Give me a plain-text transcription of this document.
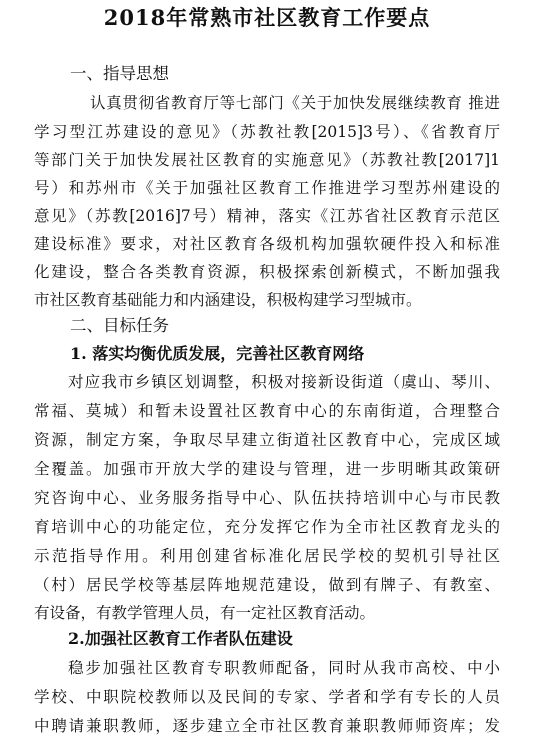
2018年常熟市社区教育工作要点
一、指导思想
认真贯彻省教育厅等七部门《关于加快发展继续教育 推进
学习型江苏建设的意见》（苏教社教[2015]3号）、《省教育厅
等部门关于加快发展社区教育的实施意见》（苏教社教[2017]1
号）和苏州市《关于加强社区教育工作推进学习型苏州建设的
意见》（苏教[2016]7号）精神，落实《江苏省社区教育示范区
建设标准》要求，对社区教育各级机构加强软硬件投入和标准
化建设，整合各类教育资源，积极探索创新模式，不断加强我
市社区教育基础能力和内涵建设，积极构建学习型城市。
二、目标任务
1. 落实均衡优质发展，完善社区教育网络
对应我市乡镇区划调整，积极对接新设街道（虞山、琴川、
常福、莫城）和暂未设置社区教育中心的东南街道，合理整合
资源，制定方案，争取尽早建立街道社区教育中心，完成区域
全覆盖。加强市开放大学的建设与管理，进一步明晰其政策研
究咨询中心、业务服务指导中心、队伍扶持培训中心与市民教
育培训中心的功能定位，充分发挥它作为全市社区教育龙头的
示范指导作用。利用创建省标准化居民学校的契机引导社区
（村）居民学校等基层阵地规范建设，做到有牌子、有教室、
有设备，有教学管理人员，有一定社区教育活动。
2.加强社区教育工作者队伍建设
稳步加强社区教育专职教师配备，同时从我市高校、中小
学校、中职院校教师以及民间的专家、学者和学有专长的人员
中聘请兼职教师，逐步建立全市社区教育兼职教师师资库；发
